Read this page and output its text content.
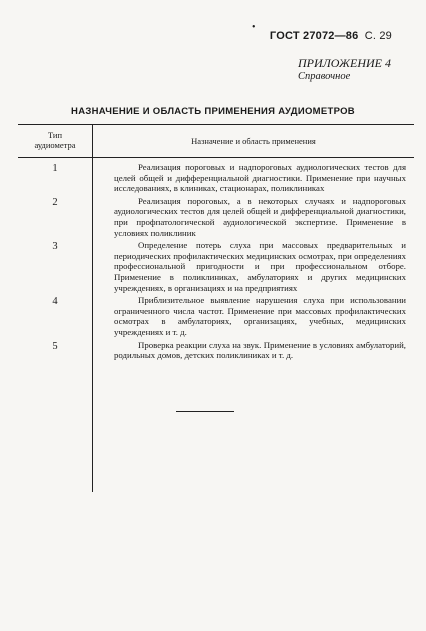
•
ГОСТ 27072—86 С. 29
ПРИЛОЖЕНИЕ 4
Справочное
НАЗНАЧЕНИЕ И ОБЛАСТЬ ПРИМЕНЕНИЯ АУДИОМЕТРОВ
Тип
аудиометра	Назначение и область применения
1	Реализация пороговых и надпороговых аудиологических тестов для целей общей и дифференциальной диагностики. Применение при научных исследованиях, в клиниках, стационарах, поликлиниках
2	Реализация пороговых, а в некоторых случаях и надпороговых аудиологических тестов для целей общей и дифференциальной диагностики, при профпатологической аудиологической экспертизе. Применение в условиях поликлиник
3	Определение потерь слуха при массовых предварительных и периодических профилактических медицинских осмотрах, при определениях профессиональной пригодности и при профессиональном отборе. Применение в поликлиниках, амбулаториях и других медицинских учреждениях, в организациях и на предприятиях
4	Приблизительное выявление нарушения слуха при использовании ограниченного числа частот. Применение при массовых профилактических осмотрах в амбулаториях, организациях, учебных, медицинских учреждениях и т. д.
5	Проверка реакции слуха на звук. Применение в условиях амбулаторий, родильных домов, детских поликлиниках и т. д.
